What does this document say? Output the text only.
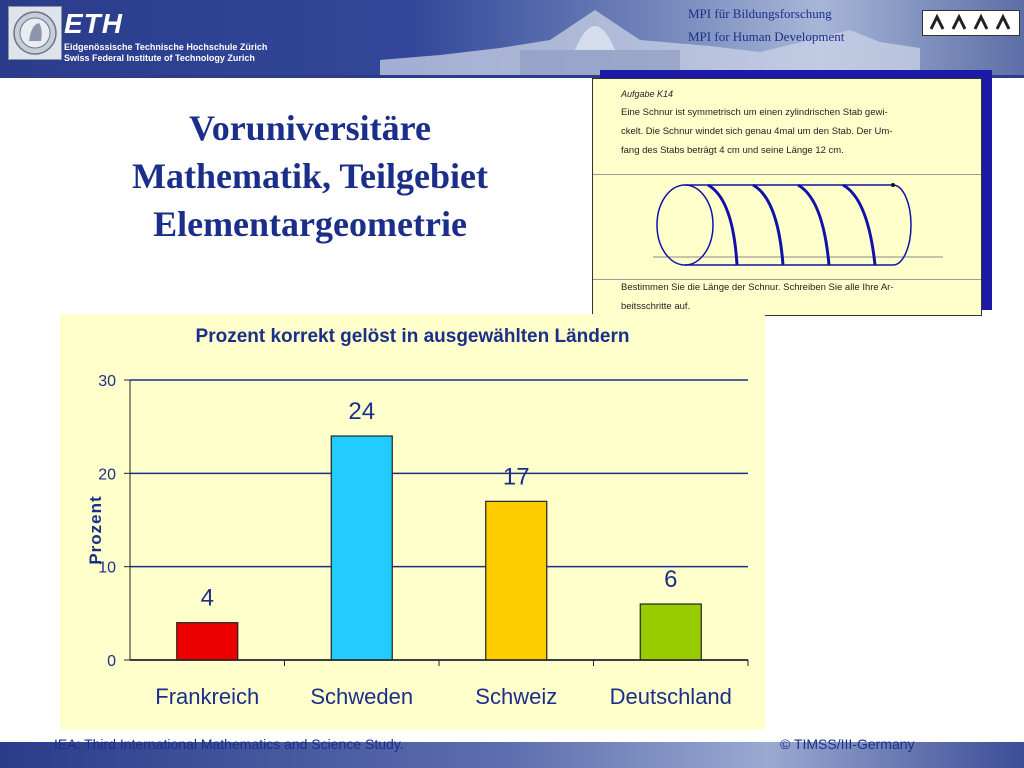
ETH
Eidgenössische Technische Hochschule Zürich
Swiss Federal Institute of Technology Zurich
MPI für Bildungsforschung
MPI for Human Development
Voruniversitäre
Mathematik, Teilgebiet
Elementargeometrie
Aufgabe K14
Eine Schnur ist symmetrisch um einen zylindrischen Stab gewi-
ckelt. Die Schnur windet sich genau 4mal um den Stab. Der Um-
fang des Stabs beträgt 4 cm und seine Länge 12 cm.
Bestimmen Sie die Länge der Schnur. Schreiben Sie alle Ihre Ar-
beitsschritte auf.
0
10
20
30
4
Frankreich
24
Schweden
17
Schweiz
6
Deutschland
Prozent korrekt gelöst in ausgewählten Ländern
Prozent
IEA: Third International Mathematics and Science Study.	© TIMSS/III-Germany
